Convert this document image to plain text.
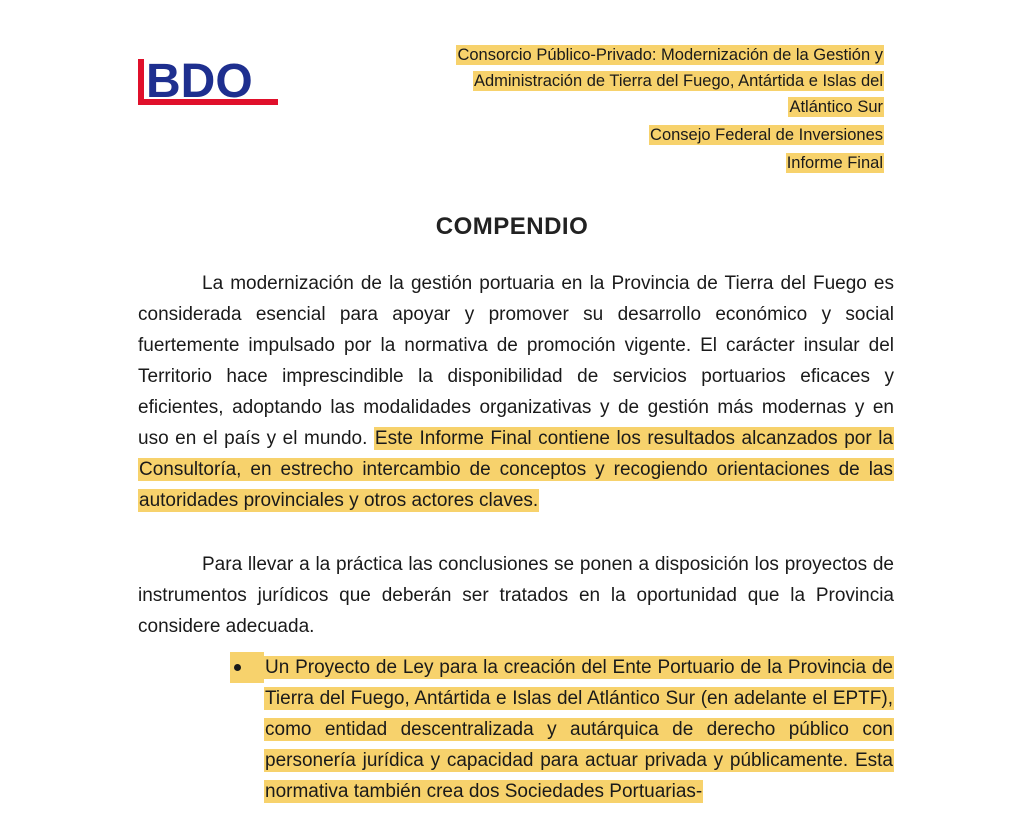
BDO	Consorcio Público-Privado: Modernización de la Gestión y
Administración de Tierra del Fuego, Antártida e Islas del
Atlántico Sur
Consejo Federal de Inversiones
Informe Final
COMPENDIO

La modernización de la gestión portuaria en la Provincia de Tierra del Fuego es considerada esencial para apoyar y promover su desarrollo económico y social fuertemente impulsado por la normativa de promoción vigente. El carácter insular del Territorio hace imprescindible la disponibilidad de servicios portuarios eficaces y eficientes, adoptando las modalidades organizativas y de gestión más modernas y en uso en el país y el mundo. Este Informe Final contiene los resultados alcanzados por la Consultoría, en estrecho intercambio de conceptos y recogiendo orientaciones de las autoridades provinciales y otros actores claves.

Para llevar a la práctica las conclusiones se ponen a disposición los proyectos de instrumentos jurídicos que deberán ser tratados en la oportunidad que la Provincia considere adecuada.

Un Proyecto de Ley para la creación del Ente Portuario de la Provincia de Tierra del Fuego, Antártida e Islas del Atlántico Sur (en adelante el EPTF), como entidad descentralizada y autárquica de derecho público con personería jurídica y capacidad para actuar privada y públicamente. Esta normativa también crea dos Sociedades Portuarias-
